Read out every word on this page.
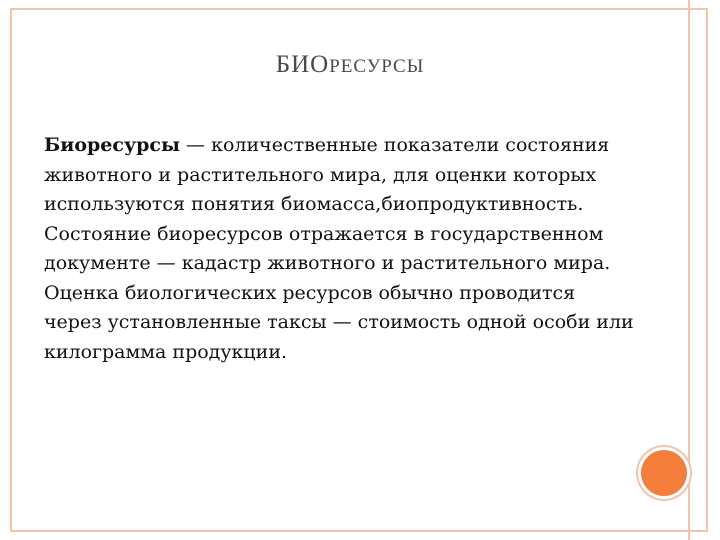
БИОРЕСУРСЫ
Биоресурсы — количественные показатели состояния животного и растительного мира, для оценки которых используются понятия биомасса,биопродуктивность. Состояние биоресурсов отражается в государственном документе — кадастр животного и растительного мира. Оценка биологических ресурсов обычно проводится через установленные таксы — стоимость одной особи или килограмма продукции.
